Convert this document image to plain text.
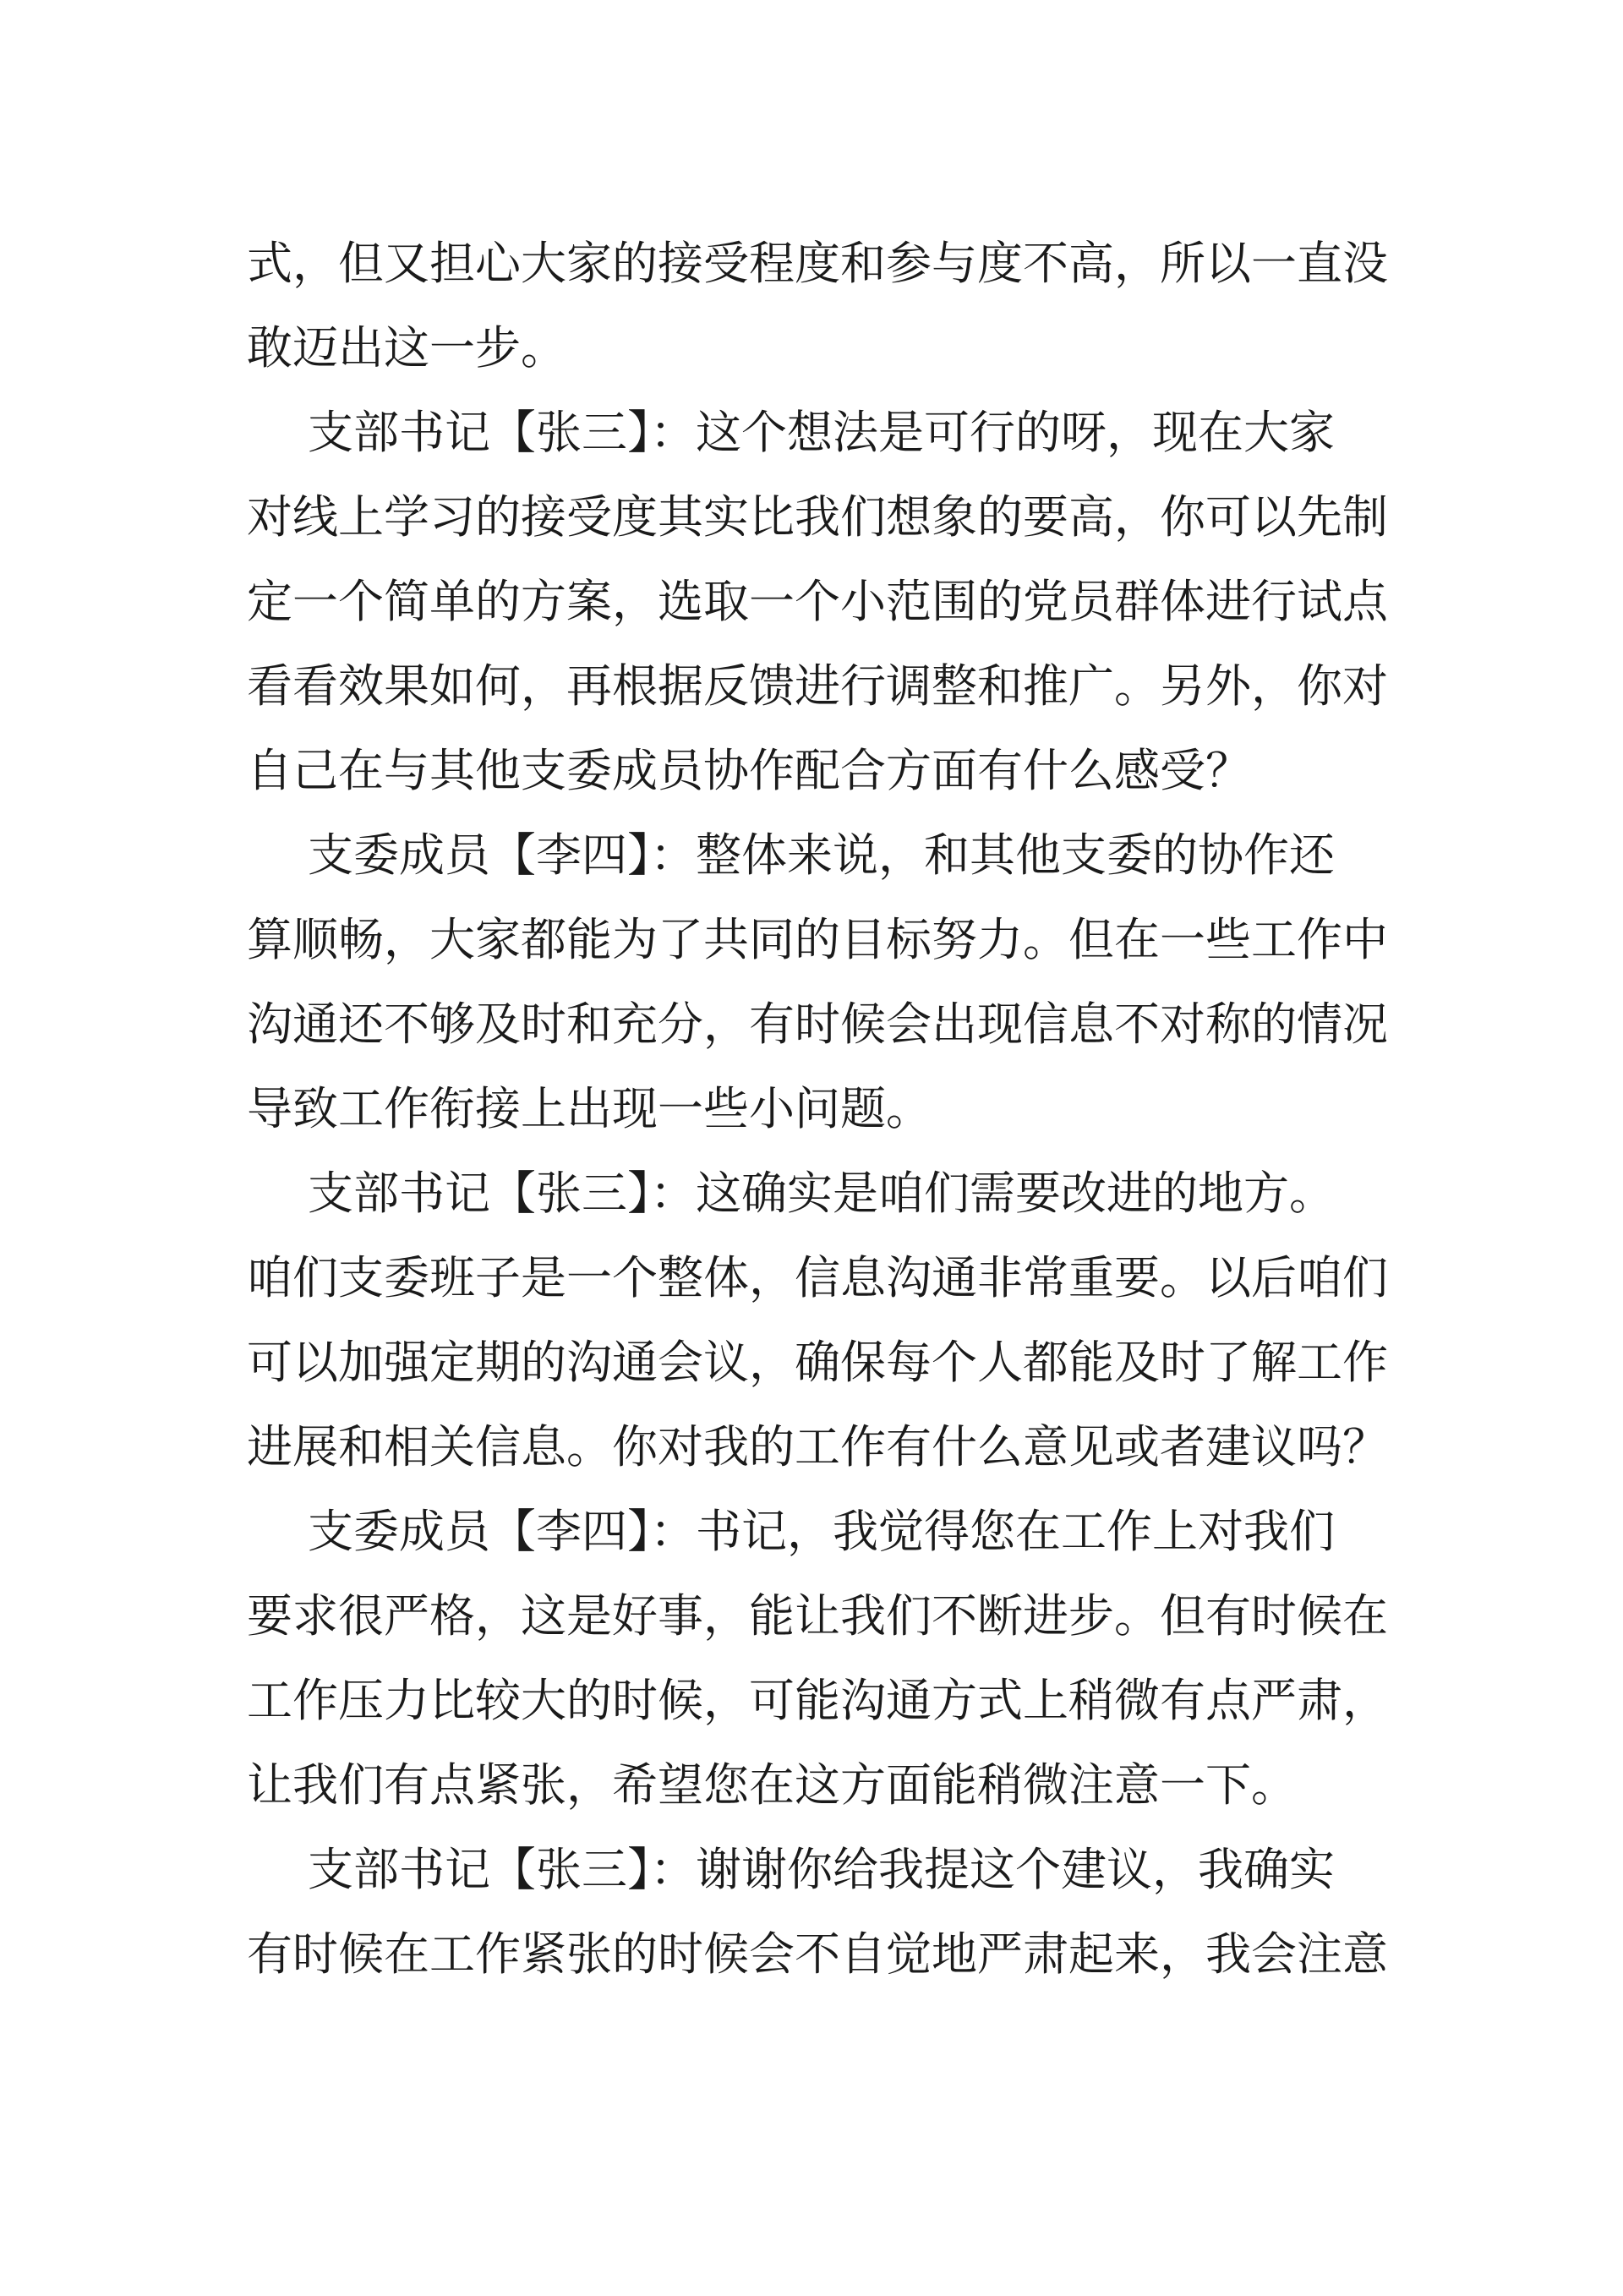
式，但又担心大家的接受程度和参与度不高，所以一直没
敢迈出这一步。
支部书记【张三】：这个想法是可行的呀，现在大家
对线上学习的接受度其实比我们想象的要高，你可以先制
定一个简单的方案，选取一个小范围的党员群体进行试点
看看效果如何，再根据反馈进行调整和推广。另外，你对
自己在与其他支委成员协作配合方面有什么感受？
支委成员【李四】：整体来说，和其他支委的协作还
算顺畅，大家都能为了共同的目标努力。但在一些工作中
沟通还不够及时和充分，有时候会出现信息不对称的情况
导致工作衔接上出现一些小问题。
支部书记【张三】：这确实是咱们需要改进的地方。
咱们支委班子是一个整体，信息沟通非常重要。以后咱们
可以加强定期的沟通会议，确保每个人都能及时了解工作
进展和相关信息。你对我的工作有什么意见或者建议吗？
支委成员【李四】：书记，我觉得您在工作上对我们
要求很严格，这是好事，能让我们不断进步。但有时候在
工作压力比较大的时候，可能沟通方式上稍微有点严肃，
让我们有点紧张，希望您在这方面能稍微注意一下。
支部书记【张三】：谢谢你给我提这个建议，我确实
有时候在工作紧张的时候会不自觉地严肃起来，我会注意
